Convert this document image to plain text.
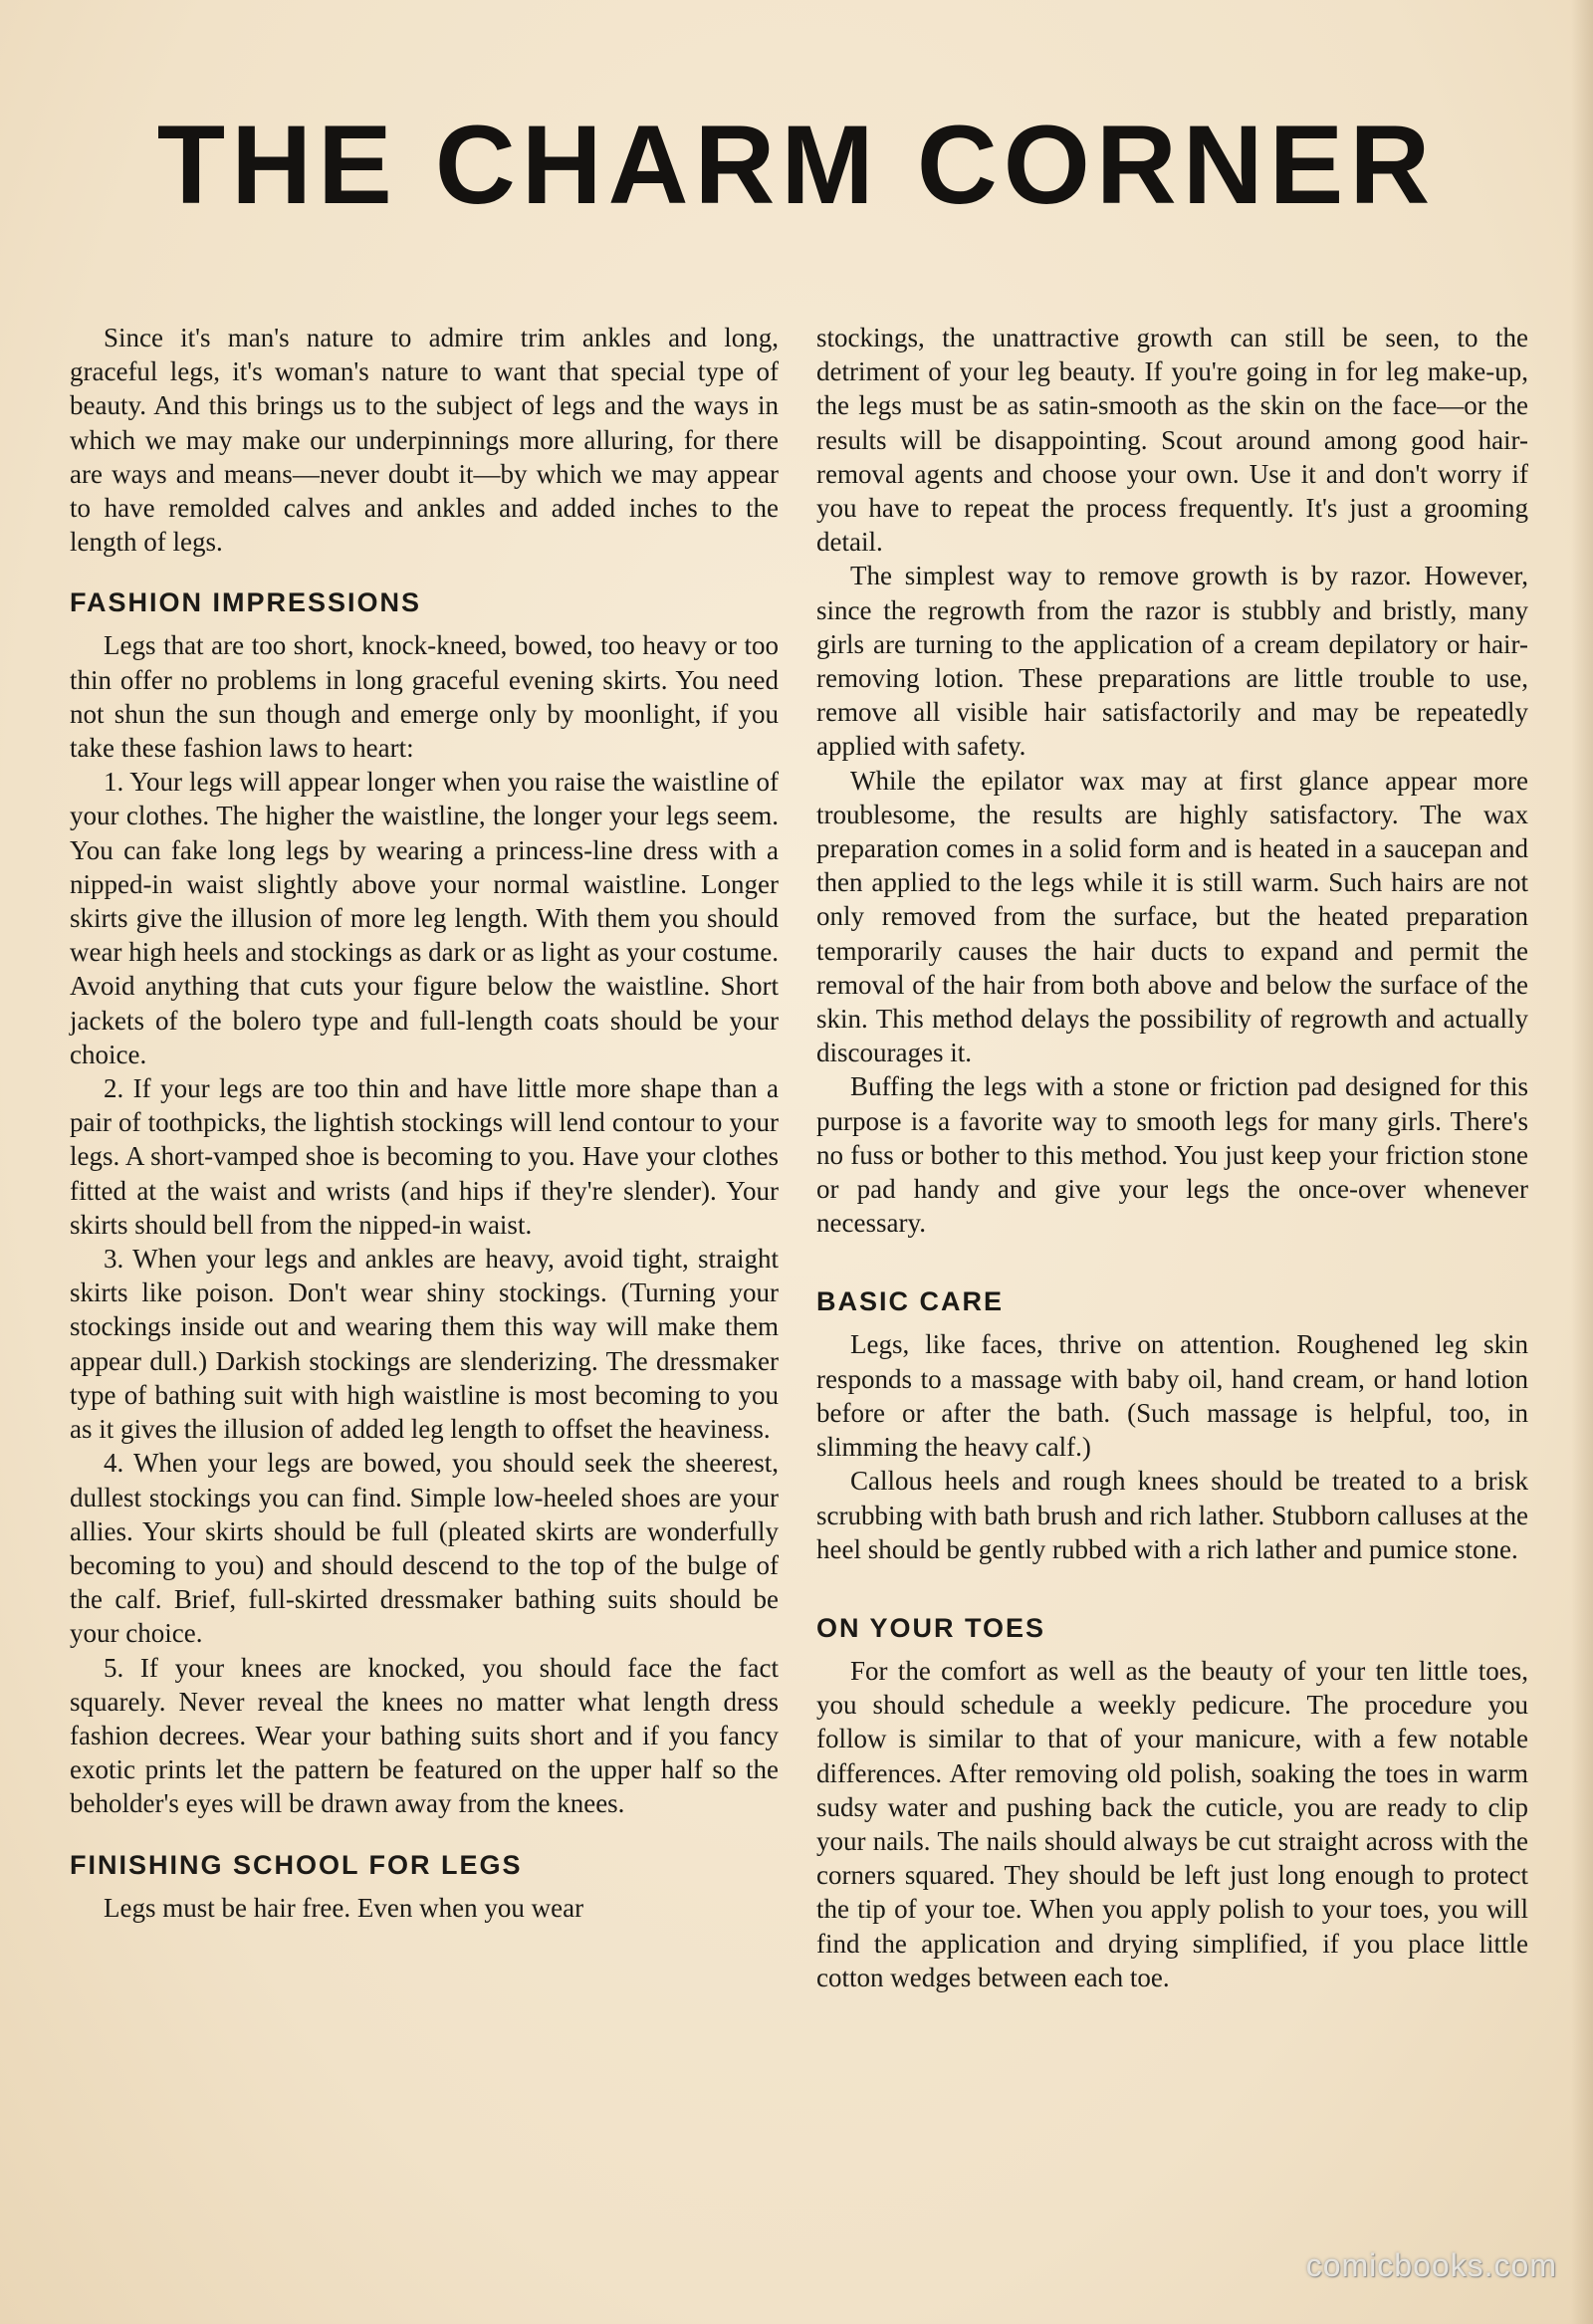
THE CHARM CORNER

Since it's man's nature to admire trim ankles and long, graceful legs, it's woman's nature to want that special type of beauty. And this brings us to the subject of legs and the ways in which we may make our underpinnings more alluring, for there are ways and means—never doubt it—by which we may appear to have remolded calves and ankles and added inches to the length of legs.

FASHION IMPRESSIONS

Legs that are too short, knock-kneed, bowed, too heavy or too thin offer no problems in long graceful evening skirts. You need not shun the sun though and emerge only by moonlight, if you take these fashion laws to heart:

1. Your legs will appear longer when you raise the waistline of your clothes. The higher the waistline, the longer your legs seem. You can fake long legs by wearing a princess-line dress with a nipped-in waist slightly above your normal waistline. Longer skirts give the illusion of more leg length. With them you should wear high heels and stockings as dark or as light as your costume. Avoid anything that cuts your figure below the waistline. Short jackets of the bolero type and full-length coats should be your choice.

2. If your legs are too thin and have little more shape than a pair of toothpicks, the lightish stockings will lend contour to your legs. A short-vamped shoe is becoming to you. Have your clothes fitted at the waist and wrists (and hips if they're slender). Your skirts should bell from the nipped-in waist.

3. When your legs and ankles are heavy, avoid tight, straight skirts like poison. Don't wear shiny stockings. (Turning your stockings inside out and wearing them this way will make them appear dull.) Darkish stockings are slenderizing. The dressmaker type of bathing suit with high waistline is most becoming to you as it gives the illusion of added leg length to offset the heaviness.

4. When your legs are bowed, you should seek the sheerest, dullest stockings you can find. Simple low-heeled shoes are your allies. Your skirts should be full (pleated skirts are wonderfully becoming to you) and should descend to the top of the bulge of the calf. Brief, full-skirted dressmaker bathing suits should be your choice.

5. If your knees are knocked, you should face the fact squarely. Never reveal the knees no matter what length dress fashion decrees. Wear your bathing suits short and if you fancy exotic prints let the pattern be featured on the upper half so the beholder's eyes will be drawn away from the knees.

FINISHING SCHOOL FOR LEGS

Legs must be hair free. Even when you wear

stockings, the unattractive growth can still be seen, to the detriment of your leg beauty. If you're going in for leg make-up, the legs must be as satin-smooth as the skin on the face—or the results will be disappointing. Scout around among good hair-removal agents and choose your own. Use it and don't worry if you have to repeat the process frequently. It's just a grooming detail.

The simplest way to remove growth is by razor. However, since the regrowth from the razor is stubbly and bristly, many girls are turning to the application of a cream depilatory or hair-removing lotion. These preparations are little trouble to use, remove all visible hair satisfactorily and may be repeatedly applied with safety.

While the epilator wax may at first glance appear more troublesome, the results are highly satisfactory. The wax preparation comes in a solid form and is heated in a saucepan and then applied to the legs while it is still warm. Such hairs are not only removed from the surface, but the heated preparation temporarily causes the hair ducts to expand and permit the removal of the hair from both above and below the surface of the skin. This method delays the possibility of regrowth and actually discourages it.

Buffing the legs with a stone or friction pad designed for this purpose is a favorite way to smooth legs for many girls. There's no fuss or bother to this method. You just keep your friction stone or pad handy and give your legs the once-over whenever necessary.

BASIC CARE

Legs, like faces, thrive on attention. Roughened leg skin responds to a massage with baby oil, hand cream, or hand lotion before or after the bath. (Such massage is helpful, too, in slimming the heavy calf.)

Callous heels and rough knees should be treated to a brisk scrubbing with bath brush and rich lather. Stubborn calluses at the heel should be gently rubbed with a rich lather and pumice stone.

ON YOUR TOES

For the comfort as well as the beauty of your ten little toes, you should schedule a weekly pedicure. The procedure you follow is similar to that of your manicure, with a few notable differences. After removing old polish, soaking the toes in warm sudsy water and pushing back the cuticle, you are ready to clip your nails. The nails should always be cut straight across with the corners squared. They should be left just long enough to protect the tip of your toe. When you apply polish to your toes, you will find the application and drying simplified, if you place little cotton wedges between each toe.

comicbooks.com
